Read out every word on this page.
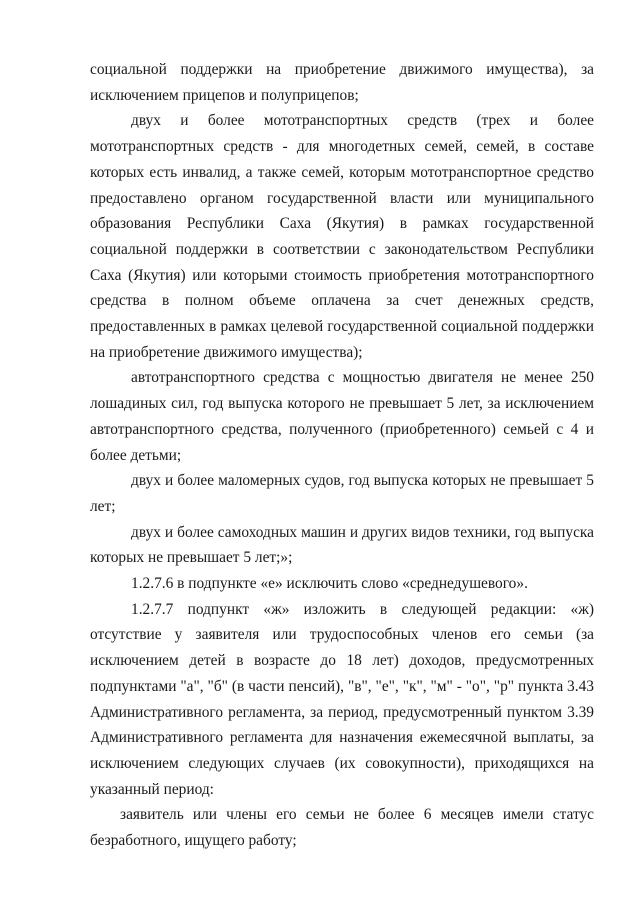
социальной поддержки на приобретение движимого имущества), за исключением прицепов и полуприцепов;

двух и более мототранспортных средств (трех и более мототранспортных средств - для многодетных семей, семей, в составе которых есть инвалид, а также семей, которым мототранспортное средство предоставлено органом государственной власти или муниципального образования Республики Саха (Якутия) в рамках государственной социальной поддержки в соответствии с законодательством Республики Саха (Якутия) или которыми стоимость приобретения мототранспортного средства в полном объеме оплачена за счет денежных средств, предоставленных в рамках целевой государственной социальной поддержки на приобретение движимого имущества);

автотранспортного средства с мощностью двигателя не менее 250 лошадиных сил, год выпуска которого не превышает 5 лет, за исключением автотранспортного средства, полученного (приобретенного) семьей с 4 и более детьми;

двух и более маломерных судов, год выпуска которых не превышает 5 лет;

двух и более самоходных машин и других видов техники, год выпуска которых не превышает 5 лет;»;

1.2.7.6 в подпункте «е» исключить слово «среднедушевого».

1.2.7.7 подпункт «ж» изложить в следующей редакции: «ж) отсутствие у заявителя или трудоспособных членов его семьи (за исключением детей в возрасте до 18 лет) доходов, предусмотренных подпунктами "а", "б" (в части пенсий), "в", "е", "к", "м" - "о", "р" пункта 3.43 Административного регламента, за период, предусмотренный пунктом 3.39 Административного регламента для назначения ежемесячной выплаты, за исключением следующих случаев (их совокупности), приходящихся на указанный период:

заявитель или члены его семьи не более 6 месяцев имели статус безработного, ищущего работу;
